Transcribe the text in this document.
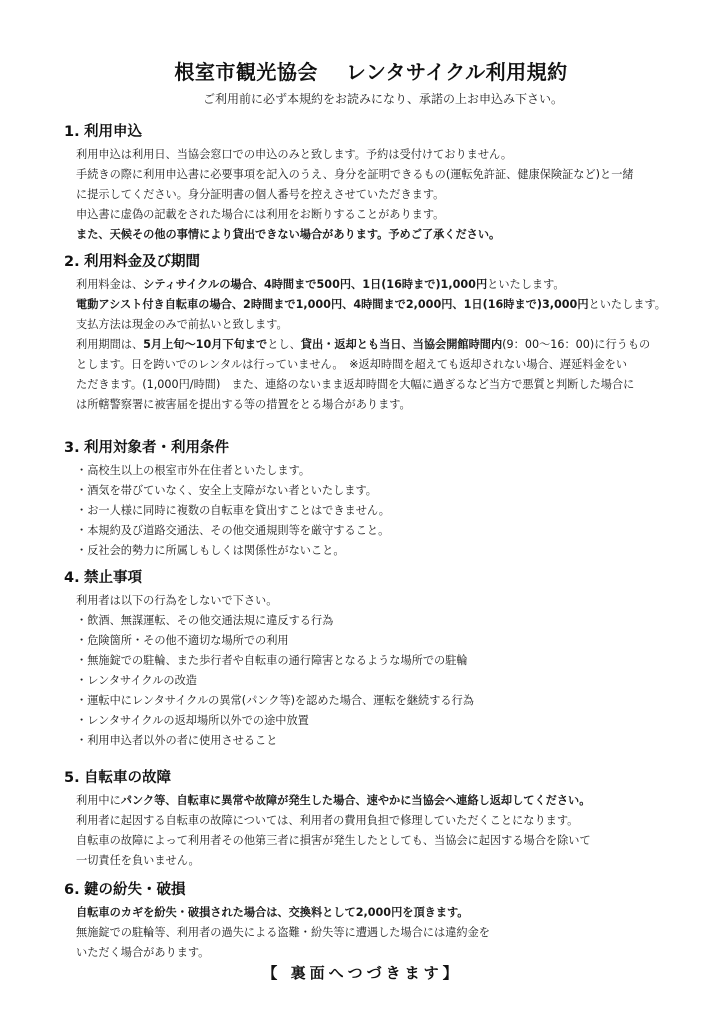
根室市観光協会 レンタサイクル利用規約
ご利用前に必ず本規約をお読みになり、承諾の上お申込み下さい。
1. 利用申込
利用申込は利用日、当協会窓口での申込のみと致します。予約は受付けておりません。
手続きの際に利用申込書に必要事項を記入のうえ、身分を証明できるもの(運転免許証、健康保険証など)と一緒
に提示してください。身分証明書の個人番号を控えさせていただきます。
申込書に虚偽の記載をされた場合には利用をお断りすることがあります。
また、天候その他の事情により貸出できない場合があります。予めご了承ください。
2. 利用料金及び期間
利用料金は、シティサイクルの場合、4時間まで500円、1日(16時まで)1,000円といたします。
電動アシスト付き自転車の場合、2時間まで1,000円、4時間まで2,000円、1日(16時まで)3,000円といたします。
支払方法は現金のみで前払いと致します。
利用期間は、5月上旬～10月下旬までとし、貸出・返却とも当日、当協会開館時間内(9：00～16：00)に行うもの
とします。日を跨いでのレンタルは行っていません。　※返却時間を超えても返却されない場合、遅延料金をい
ただきます。(1,000円/時間)　また、連絡のないまま返却時間を大幅に過ぎるなど当方で悪質と判断した場合に
は所轄警察署に被害届を提出する等の措置をとる場合があります。
3. 利用対象者・利用条件
・高校生以上の根室市外在住者といたします。
・酒気を帯びていなく、安全上支障がない者といたします。
・お一人様に同時に複数の自転車を貸出すことはできません。
・本規約及び道路交通法、その他交通規則等を厳守すること。
・反社会的勢力に所属しもしくは関係性がないこと。
4. 禁止事項
利用者は以下の行為をしないで下さい。
・飲酒、無謀運転、その他交通法規に違反する行為
・危険箇所・その他不適切な場所での利用
・無施錠での駐輪、また歩行者や自転車の通行障害となるような場所での駐輪
・レンタサイクルの改造
・運転中にレンタサイクルの異常(パンク等)を認めた場合、運転を継続する行為
・レンタサイクルの返却場所以外での途中放置
・利用申込者以外の者に使用させること
5. 自転車の故障
利用中にパンク等、自転車に異常や故障が発生した場合、速やかに当協会へ連絡し返却してください。
利用者に起因する自転車の故障については、利用者の費用負担で修理していただくことになります。
自転車の故障によって利用者その他第三者に損害が発生したとしても、当協会に起因する場合を除いて
一切責任を負いません。
6. 鍵の紛失・破損
自転車のカギを紛失・破損された場合は、交換料として2,000円を頂きます。
無施錠での駐輪等、利用者の過失による盗難・紛失等に遭遇した場合には違約金を
いただく場合があります。
【 裏面へつづきます】
